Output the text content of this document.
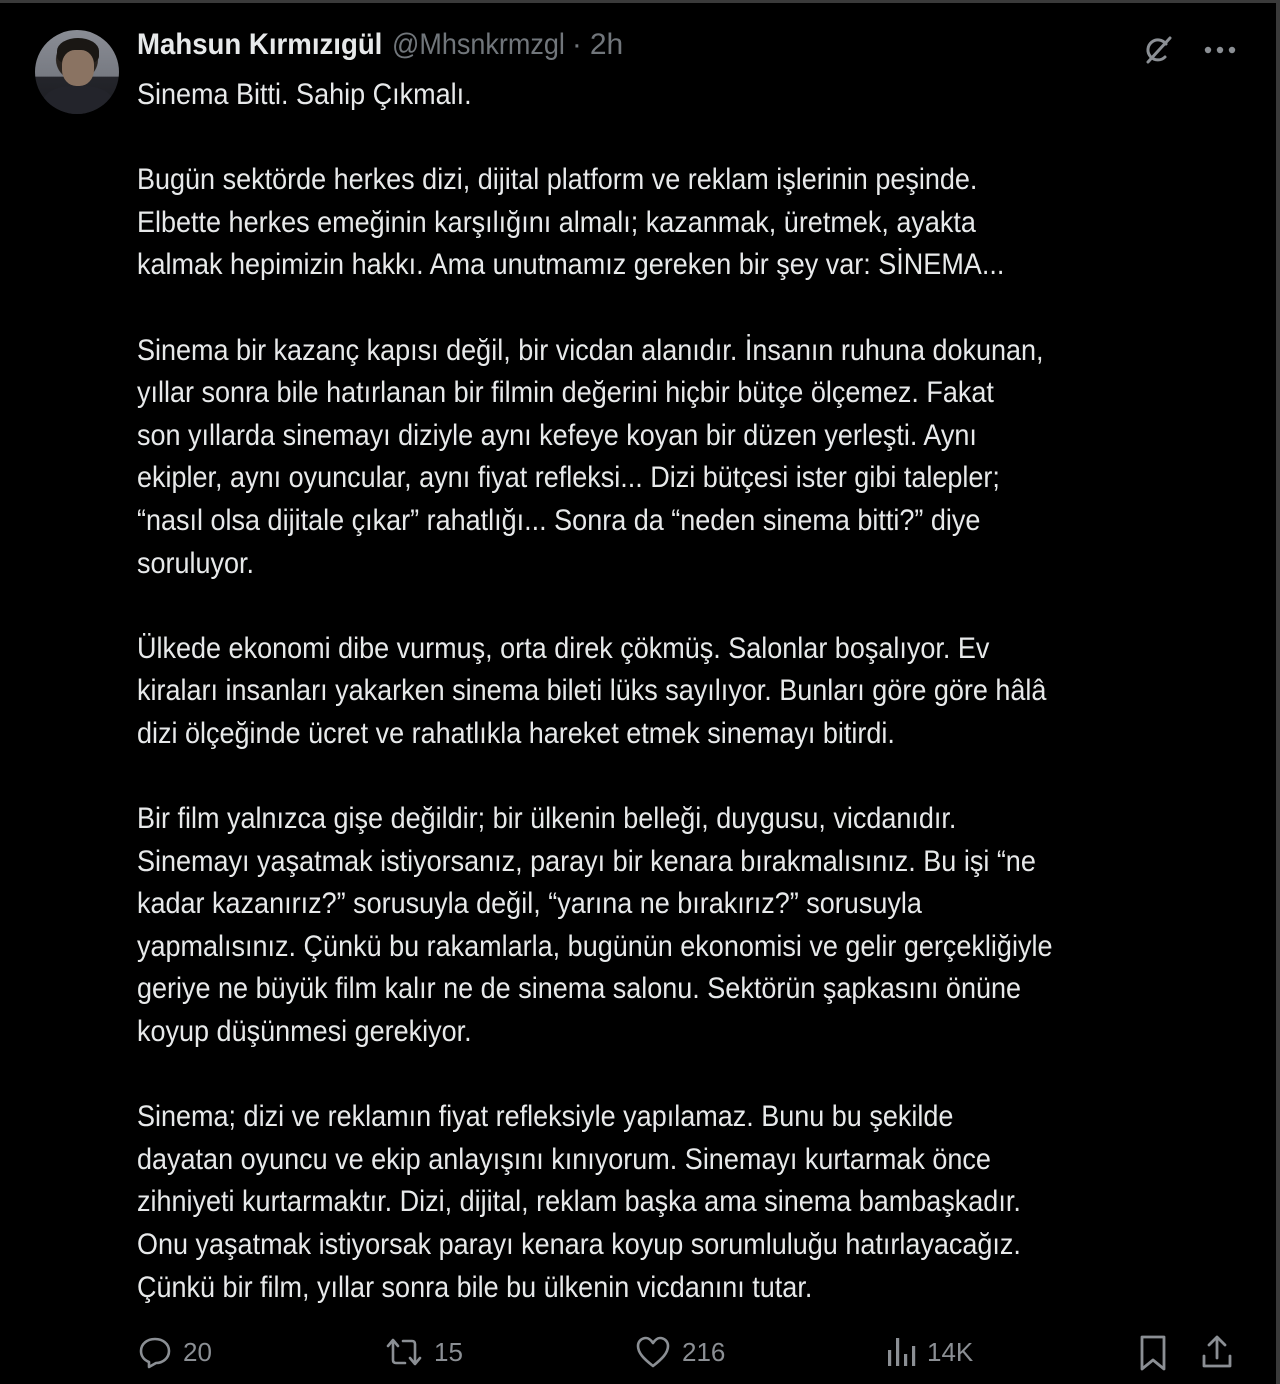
Mahsun Kırmızıgül @Mhsnkrmzgl · 2h
Sinema Bitti. Sahip Çıkmalı.
Bugün sektörde herkes dizi, dijital platform ve reklam işlerinin peşinde.
Elbette herkes emeğinin karşılığını almalı; kazanmak, üretmek, ayakta
kalmak hepimizin hakkı. Ama unutmamız gereken bir şey var: SİNEMA...
Sinema bir kazanç kapısı değil, bir vicdan alanıdır. İnsanın ruhuna dokunan,
yıllar sonra bile hatırlanan bir filmin değerini hiçbir bütçe ölçemez. Fakat
son yıllarda sinemayı diziyle aynı kefeye koyan bir düzen yerleşti. Aynı
ekipler, aynı oyuncular, aynı fiyat refleksi... Dizi bütçesi ister gibi talepler;
“nasıl olsa dijitale çıkar” rahatlığı... Sonra da “neden sinema bitti?” diye
soruluyor.
Ülkede ekonomi dibe vurmuş, orta direk çökmüş. Salonlar boşalıyor. Ev
kiraları insanları yakarken sinema bileti lüks sayılıyor. Bunları göre göre hâlâ
dizi ölçeğinde ücret ve rahatlıkla hareket etmek sinemayı bitirdi.
Bir film yalnızca gişe değildir; bir ülkenin belleği, duygusu, vicdanıdır.
Sinemayı yaşatmak istiyorsanız, parayı bir kenara bırakmalısınız. Bu işi “ne
kadar kazanırız?” sorusuyla değil, “yarına ne bırakırız?” sorusuyla
yapmalısınız. Çünkü bu rakamlarla, bugünün ekonomisi ve gelir gerçekliğiyle
geriye ne büyük film kalır ne de sinema salonu. Sektörün şapkasını önüne
koyup düşünmesi gerekiyor.
Sinema; dizi ve reklamın fiyat refleksiyle yapılamaz. Bunu bu şekilde
dayatan oyuncu ve ekip anlayışını kınıyorum. Sinemayı kurtarmak önce
zihniyeti kurtarmaktır. Dizi, dijital, reklam başka ama sinema bambaşkadır.
Onu yaşatmak istiyorsak parayı kenara koyup sorumluluğu hatırlayacağız.
Çünkü bir film, yıllar sonra bile bu ülkenin vicdanını tutar.
20	15	216	14K
